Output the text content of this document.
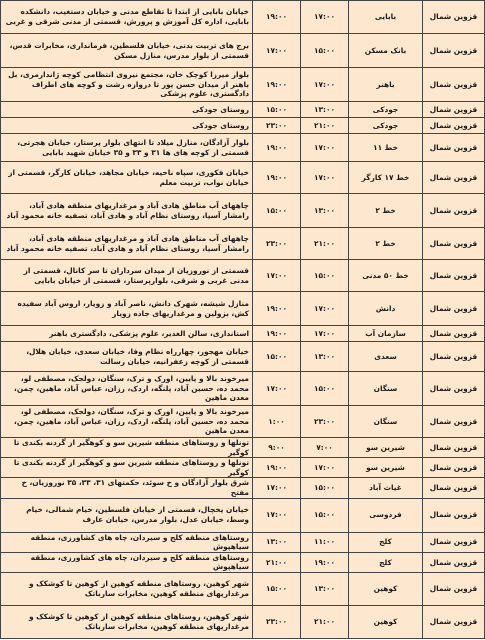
قزوین شمال	بابایی	۱۷:۰۰	۱۹:۰۰	خیابان بابایی از ابتدا تا تقاطع مدنی و خیابان دستغیب، دانشکده بابایی، اداره کل آموزش و پرورش، قسمتی از مدنی شرقی و غربی
قزوین شمال	بانک مسکن	۱۵:۰۰	۱۷:۰۰	برج های تربیت بدنی، خیابان فلسطین، فرمانداری، مخابرات قدس، قسمتی از بلوار مدرس، منازل مسکن
قزوین شمال	باهنر	۱۷:۰۰	۱۹:۰۰	بلوار میرزا کوچک خان، مجتمع نیروی انتظامی کوچه ژاندارمری، بل باهنر از میدان حسن پور تا دروازه رشت و کوچه های اطراف دادگستری، علوم پزشکی
قزوین شمال	جودکی	۱۳:۰۰	۱۵:۰۰	روستای جودکی
قزوین شمال	جودکی	۲۱:۰۰	۲۳:۰۰	روستای جودکی
قزوین شمال	خط ۱۱	۱۷:۰۰	۱۹:۰۰	بلوار آزادگان، منازل میلاد تا انتهای بلوار پرستار، خیابان هجرتی، قسمتی از کوچه های ها ۳۱ و ۳۳ و ۳۵ خیابان شهید بابایی
قزوین شمال	خط ۱۷ کارگر	۱۷:۰۰	۱۹:۰۰	خیابان فکوری، سپاه ناحیه، خیابان مجاهد، خیابان کارگر، قسمتی از خیابان نواب، تربیت معلم
قزوین شمال	خط ۲	۱۳:۰۰	۱۵:۰۰	چاههای آب مناطق هادی آباد و مرغداریهای منطقه هادی آباد، رامشار آسیا، روستای نظام آباد و هادی آباد، تصفیه خانه محمود آباد
قزوین شمال	خط ۲	۲۱:۰۰	۲۳:۰۰	چاههای آب مناطق هادی آباد و مرغداریهای منطقه هادی آباد، رامشار آسیا، روستای نظام آباد و هادی آباد، تصفیه خانه محمود آباد
قزوین شمال	خط ۵۰ مدنی	۱۵:۰۰	۱۷:۰۰	قسمتی از نوروزیان از میدان سرداران تا سر کانال، قسمتی از مدنی غربی و شرقی، بلوارپرستار، قسمتی از خیابان بابایی
قزوین شمال	دانش	۱۷:۰۰	۱۹:۰۰	منازل شیشه، شهرک دانش، ناصر آباد و زویار، اروس آباد سفیده کش، بزولین و مرغداریهای جاده زویار
قزوین شمال	سازمان آب	۱۷:۰۰	۱۹:۰۰	استانداری، سالن الغدیر، علوم پزشکی، دادگستری باهنر
قزوین شمال	سعدی	۱۳:۰۰	۱۵:۰۰	خیابان مهجور، چهارراه نظام وفا، خیابان سعدی، خیابان هلال، قسمتی از کوچه زعفرانیه، خیابان رسالت
قزوین شمال	سنگان	۱۵:۰۰	۱۷:۰۰	میرخوند بالا و پایین، اورک و ترک، سنگان، دولجک، مصطفی لو، محمد ده، حسین آباد، پلنگه، اردک، رزان، عباس آباد، ماهین، چمن، معدن ماهین
قزوین شمال	سنگان	۲۳:۰۰	۱:۰۰	میرخوند بالا و پایین، اورک و ترک، سنگان، دولجک، مصطفی لو، محمد ده، حسین آباد، پلنگه، اردک، رزان، عباس آباد، ماهین، چمن، معدن ماهین
قزوین شمال	شیرین سو	۷:۰۰	۹:۰۰	تونلها و روستاهای منطقه شیرین سو و کوهگیر از گردنه بکندی تا کوگیر
قزوین شمال	شیرین سو	۱۷:۰۰	۱۹:۰۰	تونلها و روستاهای منطقه شیرین سو و کوهگیر از گردنه بکندی تا کوگیر
قزوین شمال	غیاث آباد	۱۵:۰۰	۱۷:۰۰	شرق بلوار آزادگان و خ سوئد، حکمتهای ۳۱، ۳۳، ۳۵ نوروزیان، خ مفتح
قزوین شمال	فردوسی	۱۵:۰۰	۱۷:۰۰	خیابان یخچال، قسمتی از خیابان فلسطین، خیام شمالی، خیام وسط، خیابان عدل، بلوار مدرس، خیابان عارف
قزوین شمال	کلج	۱۱:۰۰	۱۳:۰۰	روستاهای منطقه کلج و سیردان، چاه های کشاورزی، منطقه سیاهپوش
قزوین شمال	کلج	۱۹:۰۰	۲۱:۰۰	روستاهای منطقه کلج و سیردان، چاه های کشاورزی، منطقه سیاهپوش
قزوین شمال	کوهین	۱۳:۰۰	۱۵:۰۰	شهر کوهین، روستاهای منطقه کوهین از کوهین تا کوشکک و مرغداریهای منطقه کوهین، مخابرات سارباتک
قزوین شمال	کوهین	۲۱:۰۰	۲۳:۰۰	شهر کوهین، روستاهای منطقه کوهین از کوهین تا کوشکک و مرغداریهای منطقه کوهین، مخابرات سارباتک
